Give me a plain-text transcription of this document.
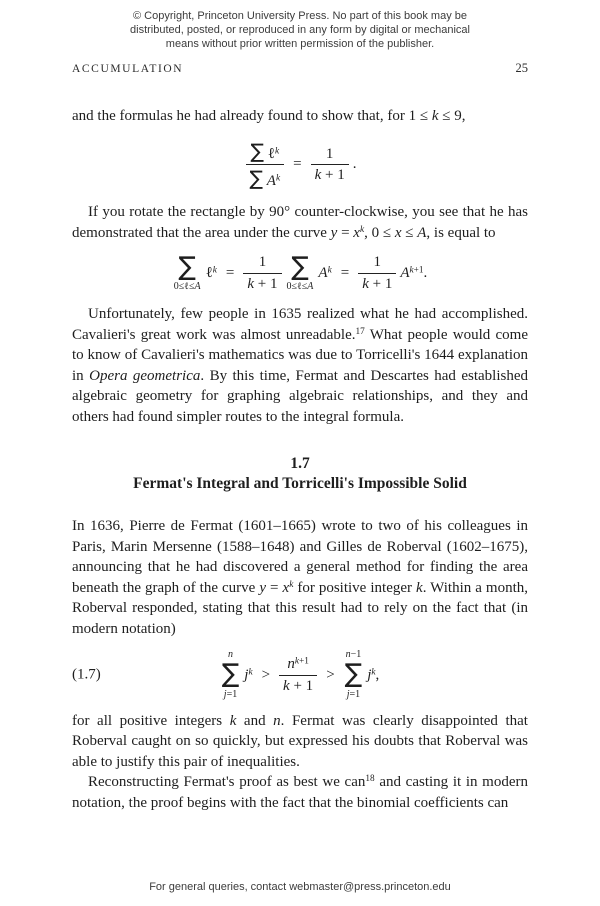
© Copyright, Princeton University Press. No part of this book may be
distributed, posted, or reproduced in any form by digital or mechanical
means without prior written permission of the publisher.
ACCUMULATION	25

and the formulas he had already found to show that, for 1 ≤ k ≤ 9,

$\frac{\sum \ell^k}{\sum A^k} = \frac{1}{k + 1}$ .

If you rotate the rectangle by 90° counter-clockwise, you see that he has demonstrated that the area under the curve $y = x^k$, 0 ≤ x ≤ A, is equal to

∑
0≤ℓ≤A
ℓ$^k$ = $\frac{1}{k + 1}$ ∑
0≤ℓ≤A
$A^k = \frac{1}{k + 1} A^{k+1}$.

Unfortunately, few people in 1635 realized what he had accomplished. Cavalieri's great work was almost unreadable.$^{17}$ What people would come to know of Cavalieri's mathematics was due to Torricelli's 1644 explanation in Opera geometrica. By this time, Fermat and Descartes had established algebraic geometry for graphing algebraic relationships, and they and others had found simpler routes to the integral formula.

1.7
Fermat's Integral and Torricelli's Impossible Solid

In 1636, Pierre de Fermat (1601–1665) wrote to two of his colleagues in Paris, Marin Mersenne (1588–1648) and Gilles de Roberval (1602–1675), announcing that he had discovered a general method for finding the area beneath the graph of the curve $y = x^k$ for positive integer k. Within a month, Roberval responded, stating that this result had to rely on the fact that (in modern notation)

(1.7)
n
∑
j=1
$j^k > \frac{n^{k+1}}{k + 1}$ >
n−1
∑
j=1
$j^k$,

for all positive integers k and n. Fermat was clearly disappointed that Roberval caught on so quickly, but expressed his doubts that Roberval was able to justify this pair of inequalities.

Reconstructing Fermat's proof as best we can$^{18}$ and casting it in modern notation, the proof begins with the fact that the binomial coefficients can

For general queries, contact webmaster@press.princeton.edu
